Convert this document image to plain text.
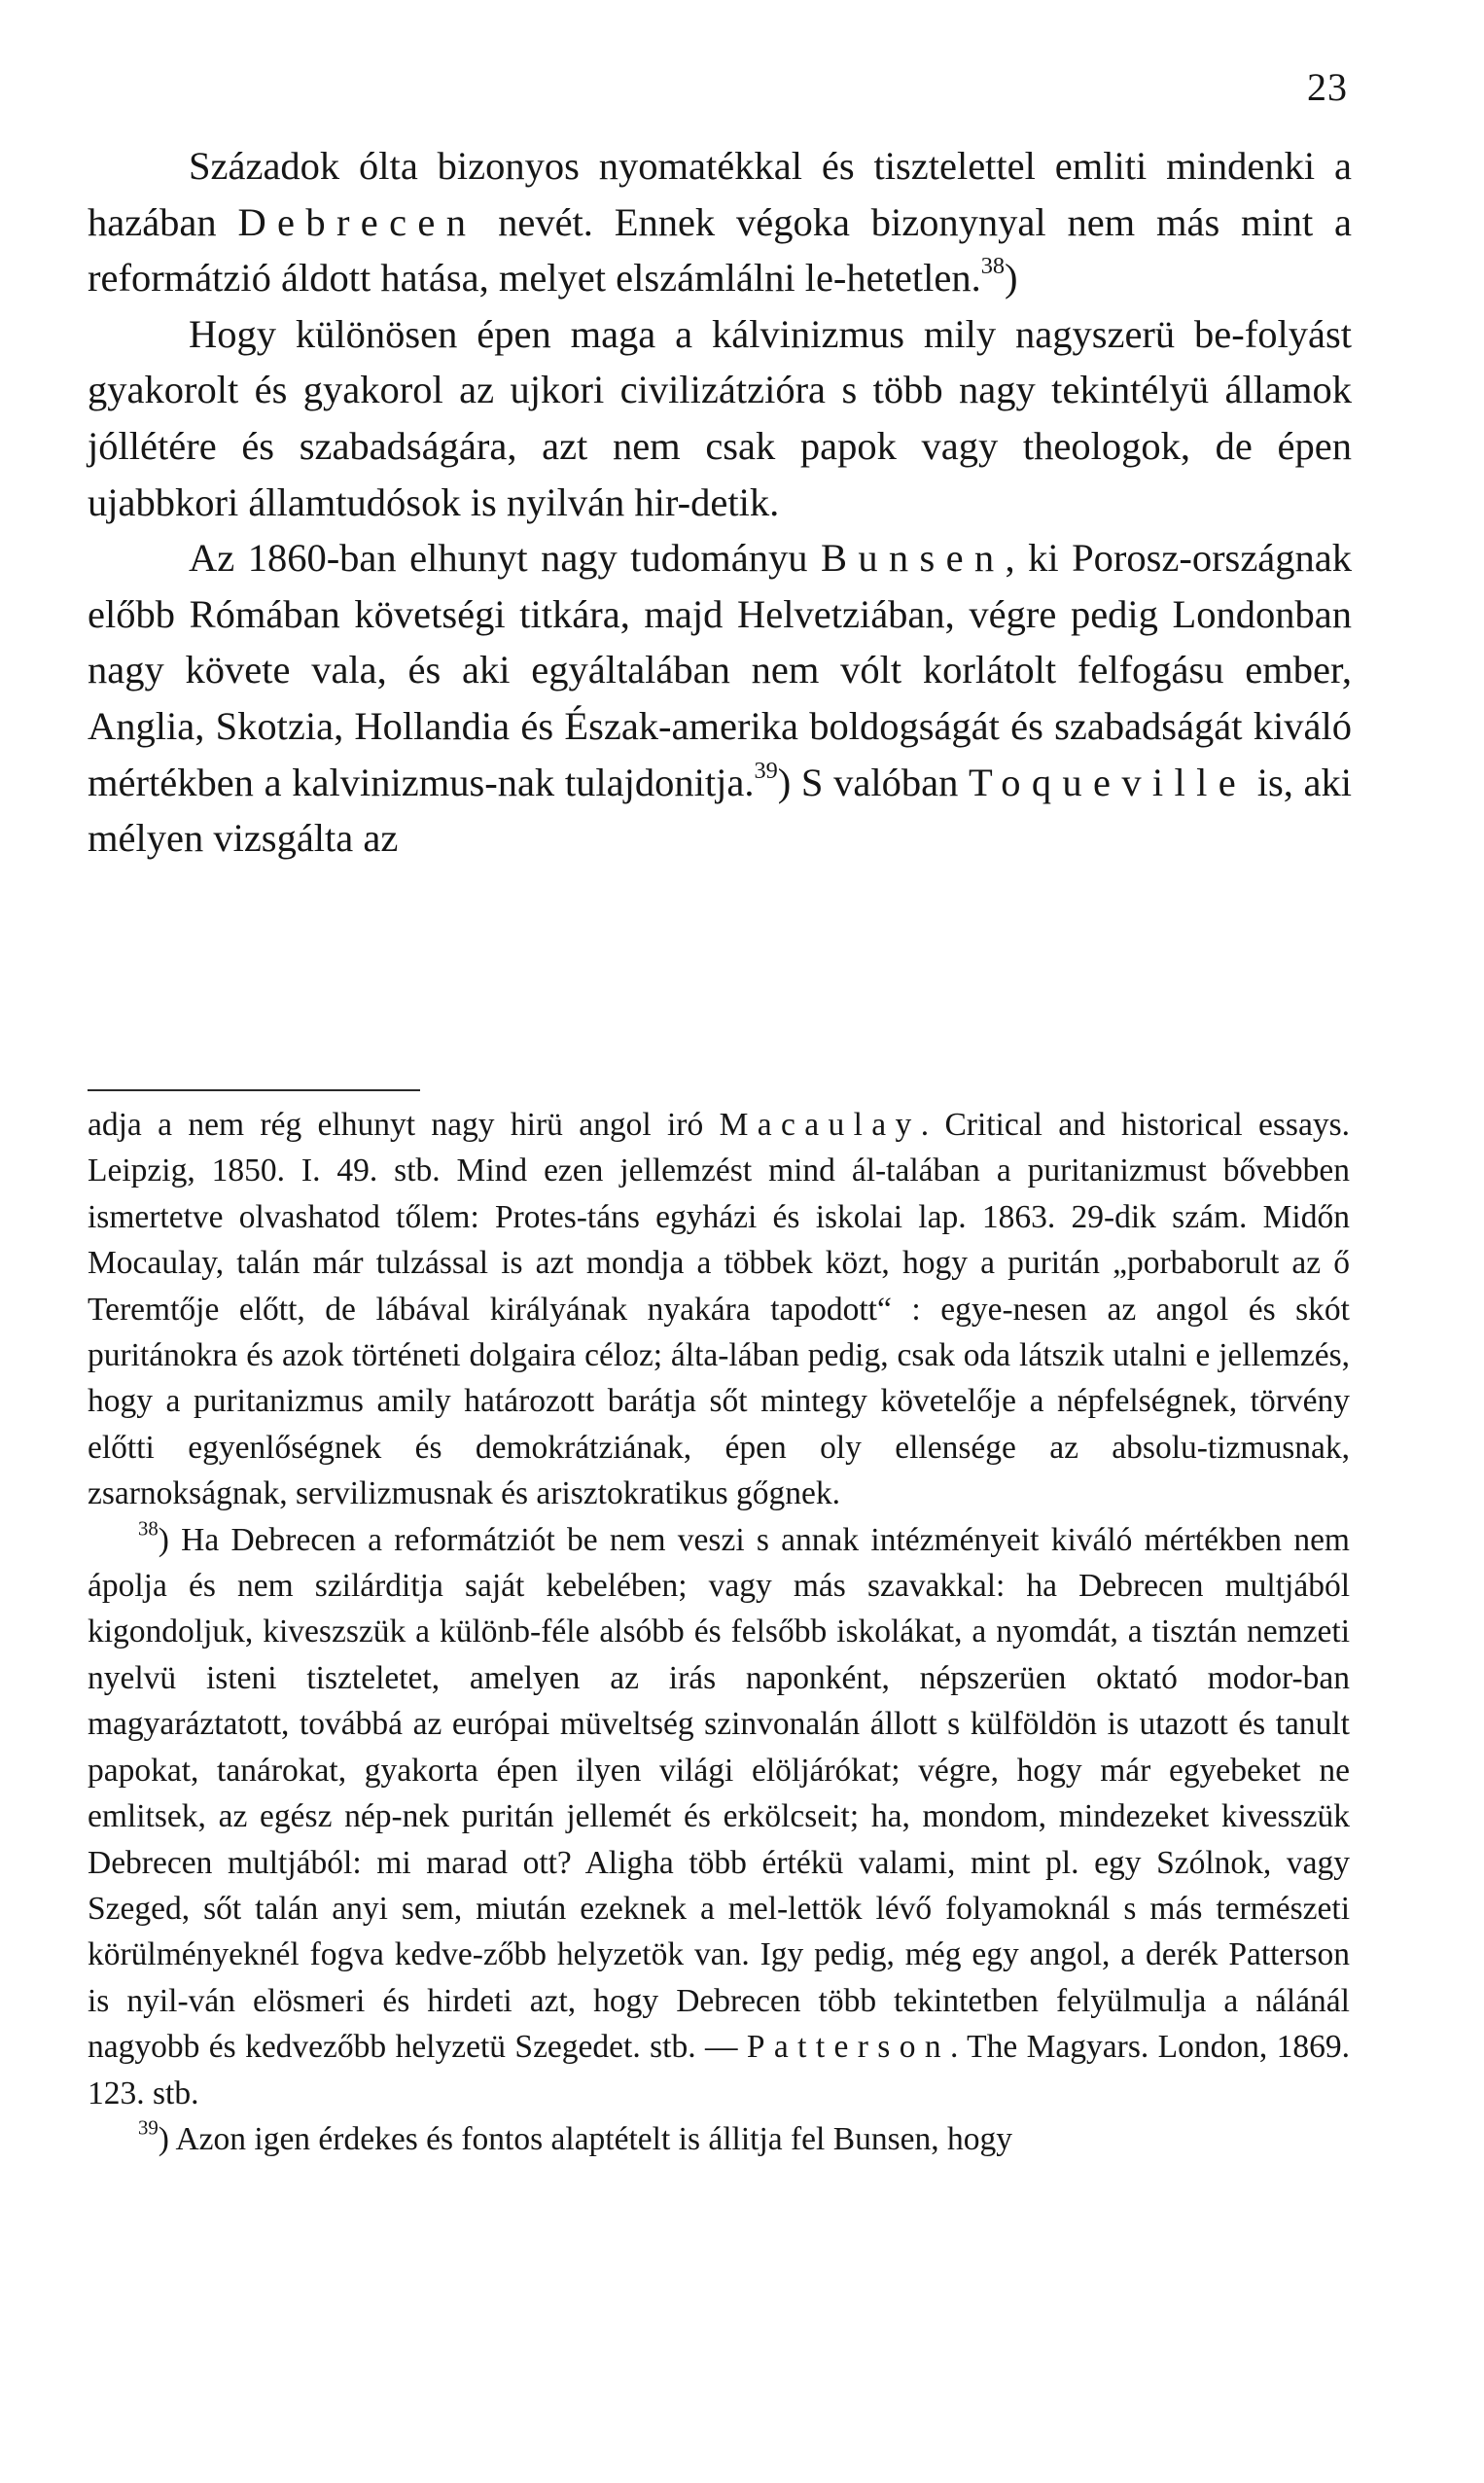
23

Századok ólta bizonyos nyomatékkal és tisztelettel emliti mindenki a hazában Debrecen nevét. Ennek végoka bizonynyal nem más mint a reformátzió áldott hatása, melyet elszámlálni le-hetetlen.$^{38}$)

Hogy különösen épen maga a kálvinizmus mily nagyszerü be-folyást gyakorolt és gyakorol az ujkori civilizátzióra s több nagy tekintélyü államok jóllétére és szabadságára, azt nem csak papok vagy theologok, de épen ujabbkori államtudósok is nyilván hir-detik.

Az 1860-ban elhunyt nagy tudományu Bunsen, ki Porosz-országnak előbb Rómában követségi titkára, majd Helvetziában, végre pedig Londonban nagy követe vala, és aki egyáltalában nem vólt korlátolt felfogásu ember, Anglia, Skotzia, Hollandia és Észak-amerika boldogságát és szabadságát kiváló mértékben a kalvinizmus-nak tulajdonitja.$^{39}$) S valóban Toqueville is, aki mélyen vizsgálta az

adja a nem rég elhunyt nagy hirü angol iró Macaulay. Critical and historical essays. Leipzig, 1850. I. 49. stb. Mind ezen jellemzést mind ál-talában a puritanizmust bővebben ismertetve olvashatod tőlem: Protes-táns egyházi és iskolai lap. 1863. 29-dik szám. Midőn Mocaulay, talán már tulzással is azt mondja a többek közt, hogy a puritán „porbaborult az ő Teremtője előtt, de lábával királyának nyakára tapodott“ : egye-nesen az angol és skót puritánokra és azok történeti dolgaira céloz; álta-lában pedig, csak oda látszik utalni e jellemzés, hogy a puritanizmus amily határozott barátja sőt mintegy követelője a népfelségnek, törvény előtti egyenlőségnek és demokrátziának, épen oly ellensége az absolu-tizmusnak, zsarnokságnak, servilizmusnak és arisztokratikus gőgnek.

$^{38}$) Ha Debrecen a reformátziót be nem veszi s annak intézményeit kiváló mértékben nem ápolja és nem szilárditja saját kebelében; vagy más szavakkal: ha Debrecen multjából kigondoljuk, kiveszszük a különb-féle alsóbb és felsőbb iskolákat, a nyomdát, a tisztán nemzeti nyelvü isteni tiszteletet, amelyen az irás naponként, népszerüen oktató modor-ban magyaráztatott, továbbá az európai müveltség szinvonalán állott s külföldön is utazott és tanult papokat, tanárokat, gyakorta épen ilyen világi elöljárókat; végre, hogy már egyebeket ne emlitsek, az egész nép-nek puritán jellemét és erkölcseit; ha, mondom, mindezeket kivesszük Debrecen multjából: mi marad ott? Aligha több értékü valami, mint pl. egy Szólnok, vagy Szeged, sőt talán anyi sem, miután ezeknek a mel-lettök lévő folyamoknál s más természeti körülményeknél fogva kedve-zőbb helyzetök van. Igy pedig, még egy angol, a derék Patterson is nyil-ván elösmeri és hirdeti azt, hogy Debrecen több tekintetben felyülmulja a nálánál nagyobb és kedvezőbb helyzetü Szegedet. stb. — Patterson. The Magyars. London, 1869. 123. stb.

$^{39}$) Azon igen érdekes és fontos alaptételt is állitja fel Bunsen, hogy
